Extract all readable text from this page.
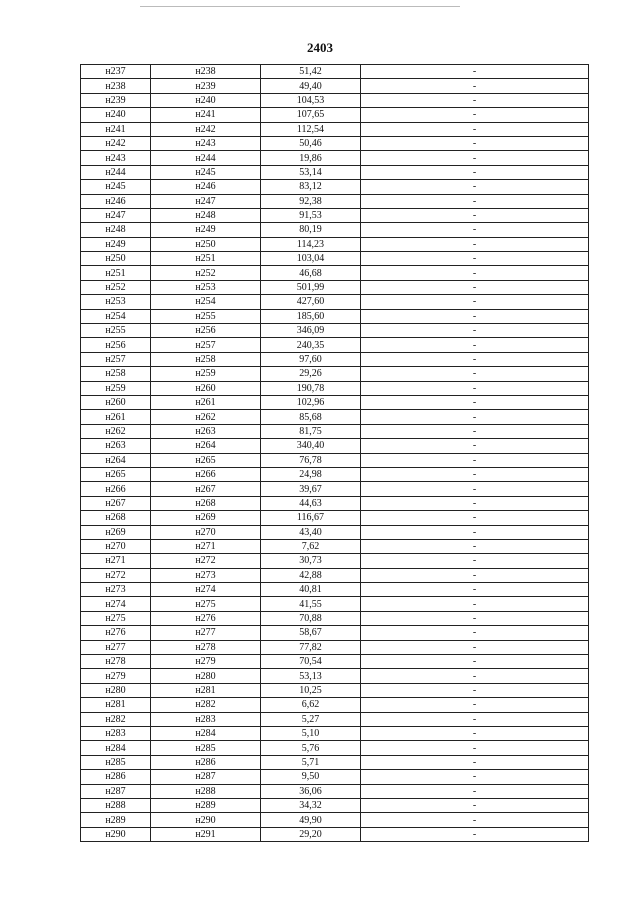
2403
н237	н238	51,42	-
н238	н239	49,40	-
н239	н240	104,53	-
н240	н241	107,65	-
н241	н242	112,54	-
н242	н243	50,46	-
н243	н244	19,86	-
н244	н245	53,14	-
н245	н246	83,12	-
н246	н247	92,38	-
н247	н248	91,53	-
н248	н249	80,19	-
н249	н250	114,23	-
н250	н251	103,04	-
н251	н252	46,68	-
н252	н253	501,99	-
н253	н254	427,60	-
н254	н255	185,60	-
н255	н256	346,09	-
н256	н257	240,35	-
н257	н258	97,60	-
н258	н259	29,26	-
н259	н260	190,78	-
н260	н261	102,96	-
н261	н262	85,68	-
н262	н263	81,75	-
н263	н264	340,40	-
н264	н265	76,78	-
н265	н266	24,98	-
н266	н267	39,67	-
н267	н268	44,63	-
н268	н269	116,67	-
н269	н270	43,40	-
н270	н271	7,62	-
н271	н272	30,73	-
н272	н273	42,88	-
н273	н274	40,81	-
н274	н275	41,55	-
н275	н276	70,88	-
н276	н277	58,67	-
н277	н278	77,82	-
н278	н279	70,54	-
н279	н280	53,13	-
н280	н281	10,25	-
н281	н282	6,62	-
н282	н283	5,27	-
н283	н284	5,10	-
н284	н285	5,76	-
н285	н286	5,71	-
н286	н287	9,50	-
н287	н288	36,06	-
н288	н289	34,32	-
н289	н290	49,90	-
н290	н291	29,20	-
